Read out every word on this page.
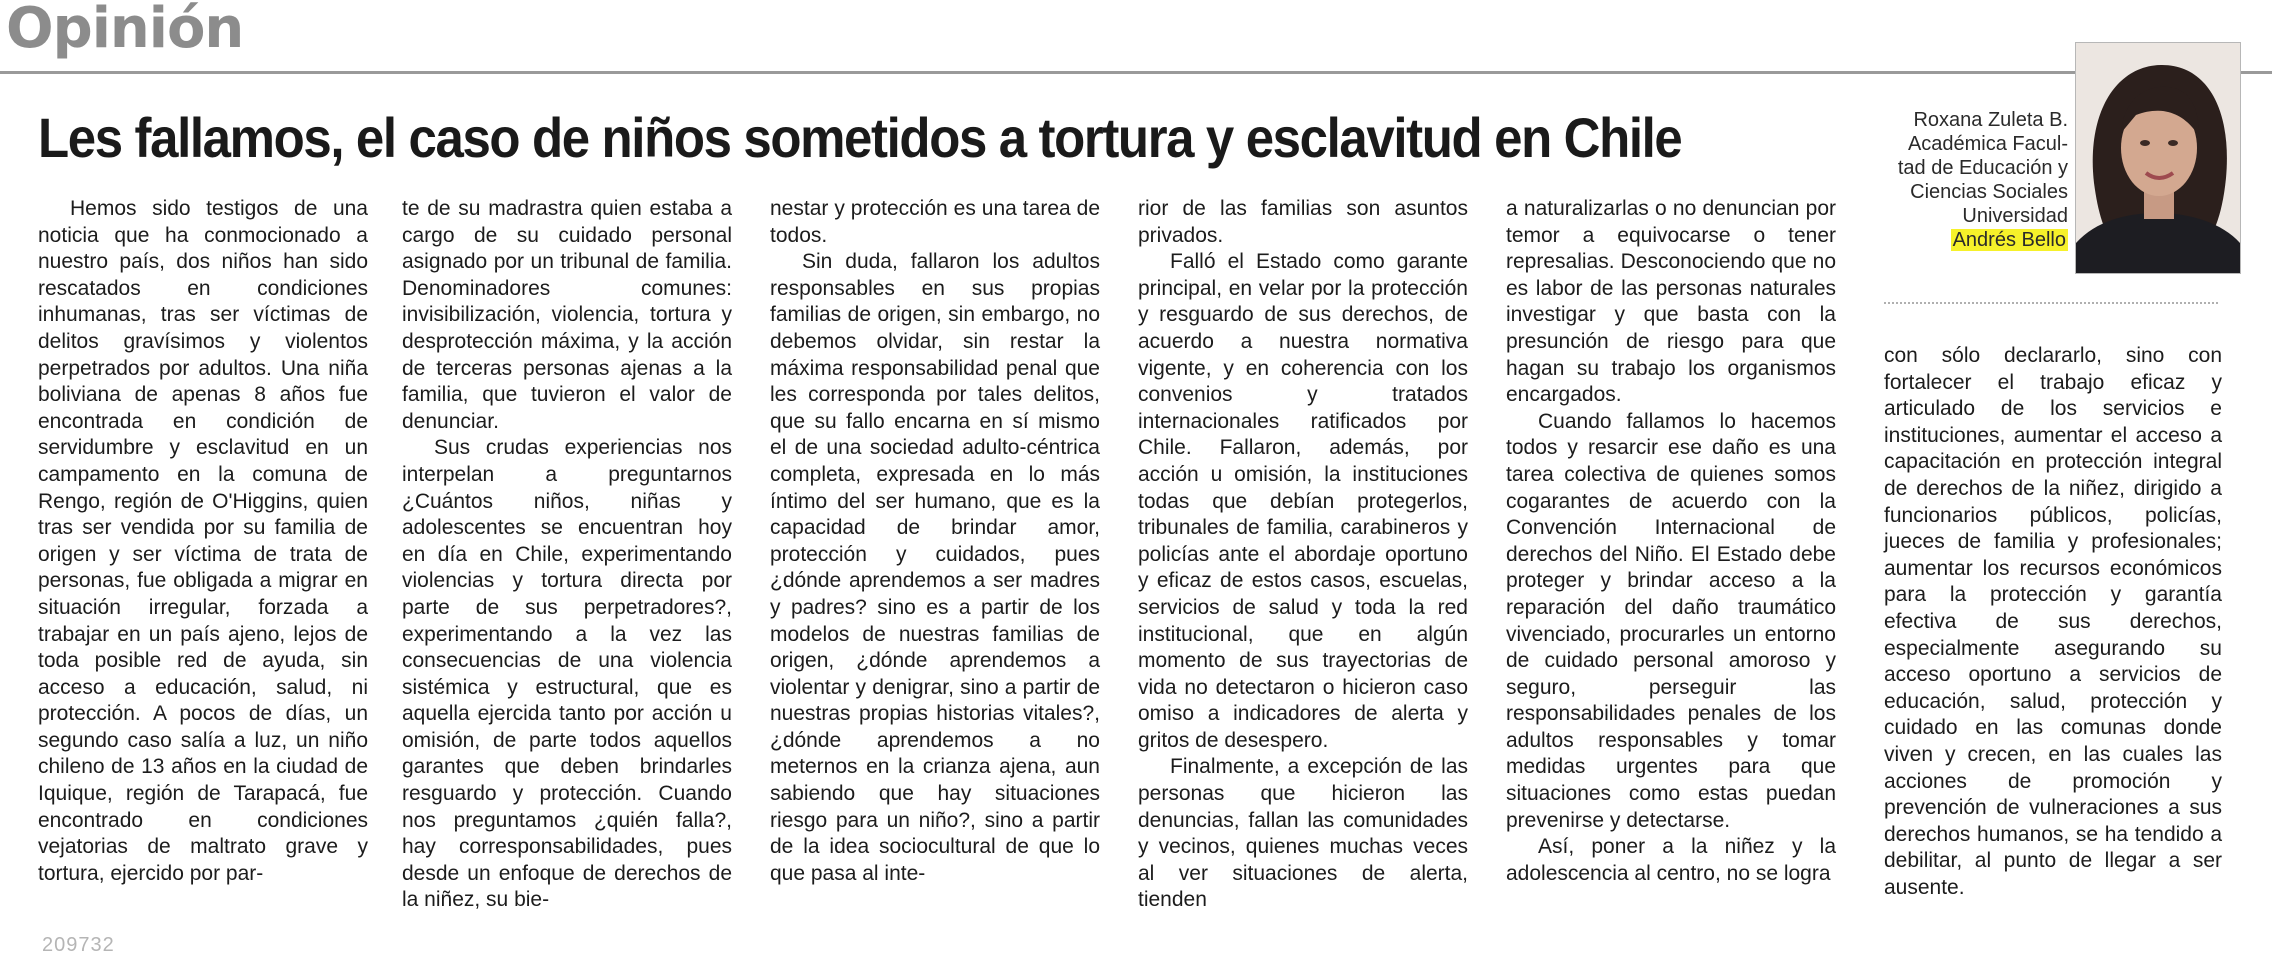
Opinión
Les fallamos, el caso de niños sometidos a tortura y esclavitud en Chile	Roxana Zuleta B.
Académica Facul-
tad de Educación y
Ciencias Sociales
Universidad
Andrés Bello

Hemos sido testigos de una noticia que ha conmocionado a nuestro país, dos niños han sido rescatados en condiciones inhumanas, tras ser víctimas de delitos gravísimos y violentos perpetrados por adultos. Una niña boliviana de apenas 8 años fue encontrada en condición de servidumbre y esclavitud en un campamento en la comuna de Rengo, región de O'Higgins, quien tras ser vendida por su familia de origen y ser víctima de trata de personas, fue obligada a migrar en situación irregular, forzada a trabajar en un país ajeno, lejos de toda posible red de ayuda, sin acceso a educación, salud, ni protección. A pocos de días, un segundo caso salía a luz, un niño chileno de 13 años en la ciudad de Iquique, región de Tarapacá, fue encontrado en condiciones vejatorias de maltrato grave y tortura, ejercido por par-

te de su madrastra quien estaba a cargo de su cuidado personal asignado por un tribunal de familia. Denominadores comunes: invisibilización, violencia, tortura y desprotección máxima, y la acción de terceras personas ajenas a la familia, que tuvieron el valor de denunciar.

Sus crudas experiencias nos interpelan a preguntarnos ¿Cuántos niños, niñas y adolescentes se encuentran hoy en día en Chile, experimentando violencias y tortura directa por parte de sus perpetradores?, experimentando a la vez las consecuencias de una violencia sistémica y estructural, que es aquella ejercida tanto por acción u omisión, de parte todos aquellos garantes que deben brindarles resguardo y protección. Cuando nos preguntamos ¿quién falla?, hay corresponsabilidades, pues desde un enfoque de derechos de la niñez, su bie-

nestar y protección es una tarea de todos.

Sin duda, fallaron los adultos responsables en sus propias familias de origen, sin embargo, no debemos olvidar, sin restar la máxima responsabilidad penal que les corresponda por tales delitos, que su fallo encarna en sí mismo el de una sociedad adulto-céntrica completa, expresada en lo más íntimo del ser humano, que es la capacidad de brindar amor, protección y cuidados, pues ¿dónde aprendemos a ser madres y padres? sino es a partir de los modelos de nuestras familias de origen, ¿dónde aprendemos a violentar y denigrar, sino a partir de nuestras propias historias vitales?, ¿dónde aprendemos a no meternos en la crianza ajena, aun sabiendo que hay situaciones riesgo para un niño?, sino a partir de la idea sociocultural de que lo que pasa al inte-

rior de las familias son asuntos privados.

Falló el Estado como garante principal, en velar por la protección y resguardo de sus derechos, de acuerdo a nuestra normativa vigente, y en coherencia con los convenios y tratados internacionales ratificados por Chile. Fallaron, además, por acción u omisión, la instituciones todas que debían protegerlos, tribunales de familia, carabineros y policías ante el abordaje oportuno y eficaz de estos casos, escuelas, servicios de salud y toda la red institucional, que en algún momento de sus trayectorias de vida no detectaron o hicieron caso omiso a indicadores de alerta y gritos de desespero.

Finalmente, a excepción de las personas que hicieron las denuncias, fallan las comunidades y vecinos, quienes muchas veces al ver situaciones de alerta, tienden

a naturalizarlas o no denuncian por temor a equivocarse o tener represalias. Desconociendo que no es labor de las personas naturales investigar y que basta con la presunción de riesgo para que hagan su trabajo los organismos encargados.

Cuando fallamos lo hacemos todos y resarcir ese daño es una tarea colectiva de quienes somos cogarantes de acuerdo con la Convención Internacional de derechos del Niño. El Estado debe proteger y brindar acceso a la reparación del daño traumático vivenciado, procurarles un entorno de cuidado personal amoroso y seguro, perseguir las responsabilidades penales de los adultos responsables y tomar medidas urgentes para que situaciones como estas puedan prevenirse y detectarse.

Así, poner a la niñez y la adolescencia al centro, no se logra

con sólo declararlo, sino con fortalecer el trabajo eficaz y articulado de los servicios e instituciones, aumentar el acceso a capacitación en protección integral de derechos de la niñez, dirigido a funcionarios públicos, policías, jueces de familia y profesionales; aumentar los recursos económicos para la protección y garantía efectiva de sus derechos, especialmente asegurando su acceso oportuno a servicios de educación, salud, protección y cuidado en las comunas donde viven y crecen, en las cuales las acciones de promoción y prevención de vulneraciones a sus derechos humanos, se ha tendido a debilitar, al punto de llegar a ser ausente.

209732
